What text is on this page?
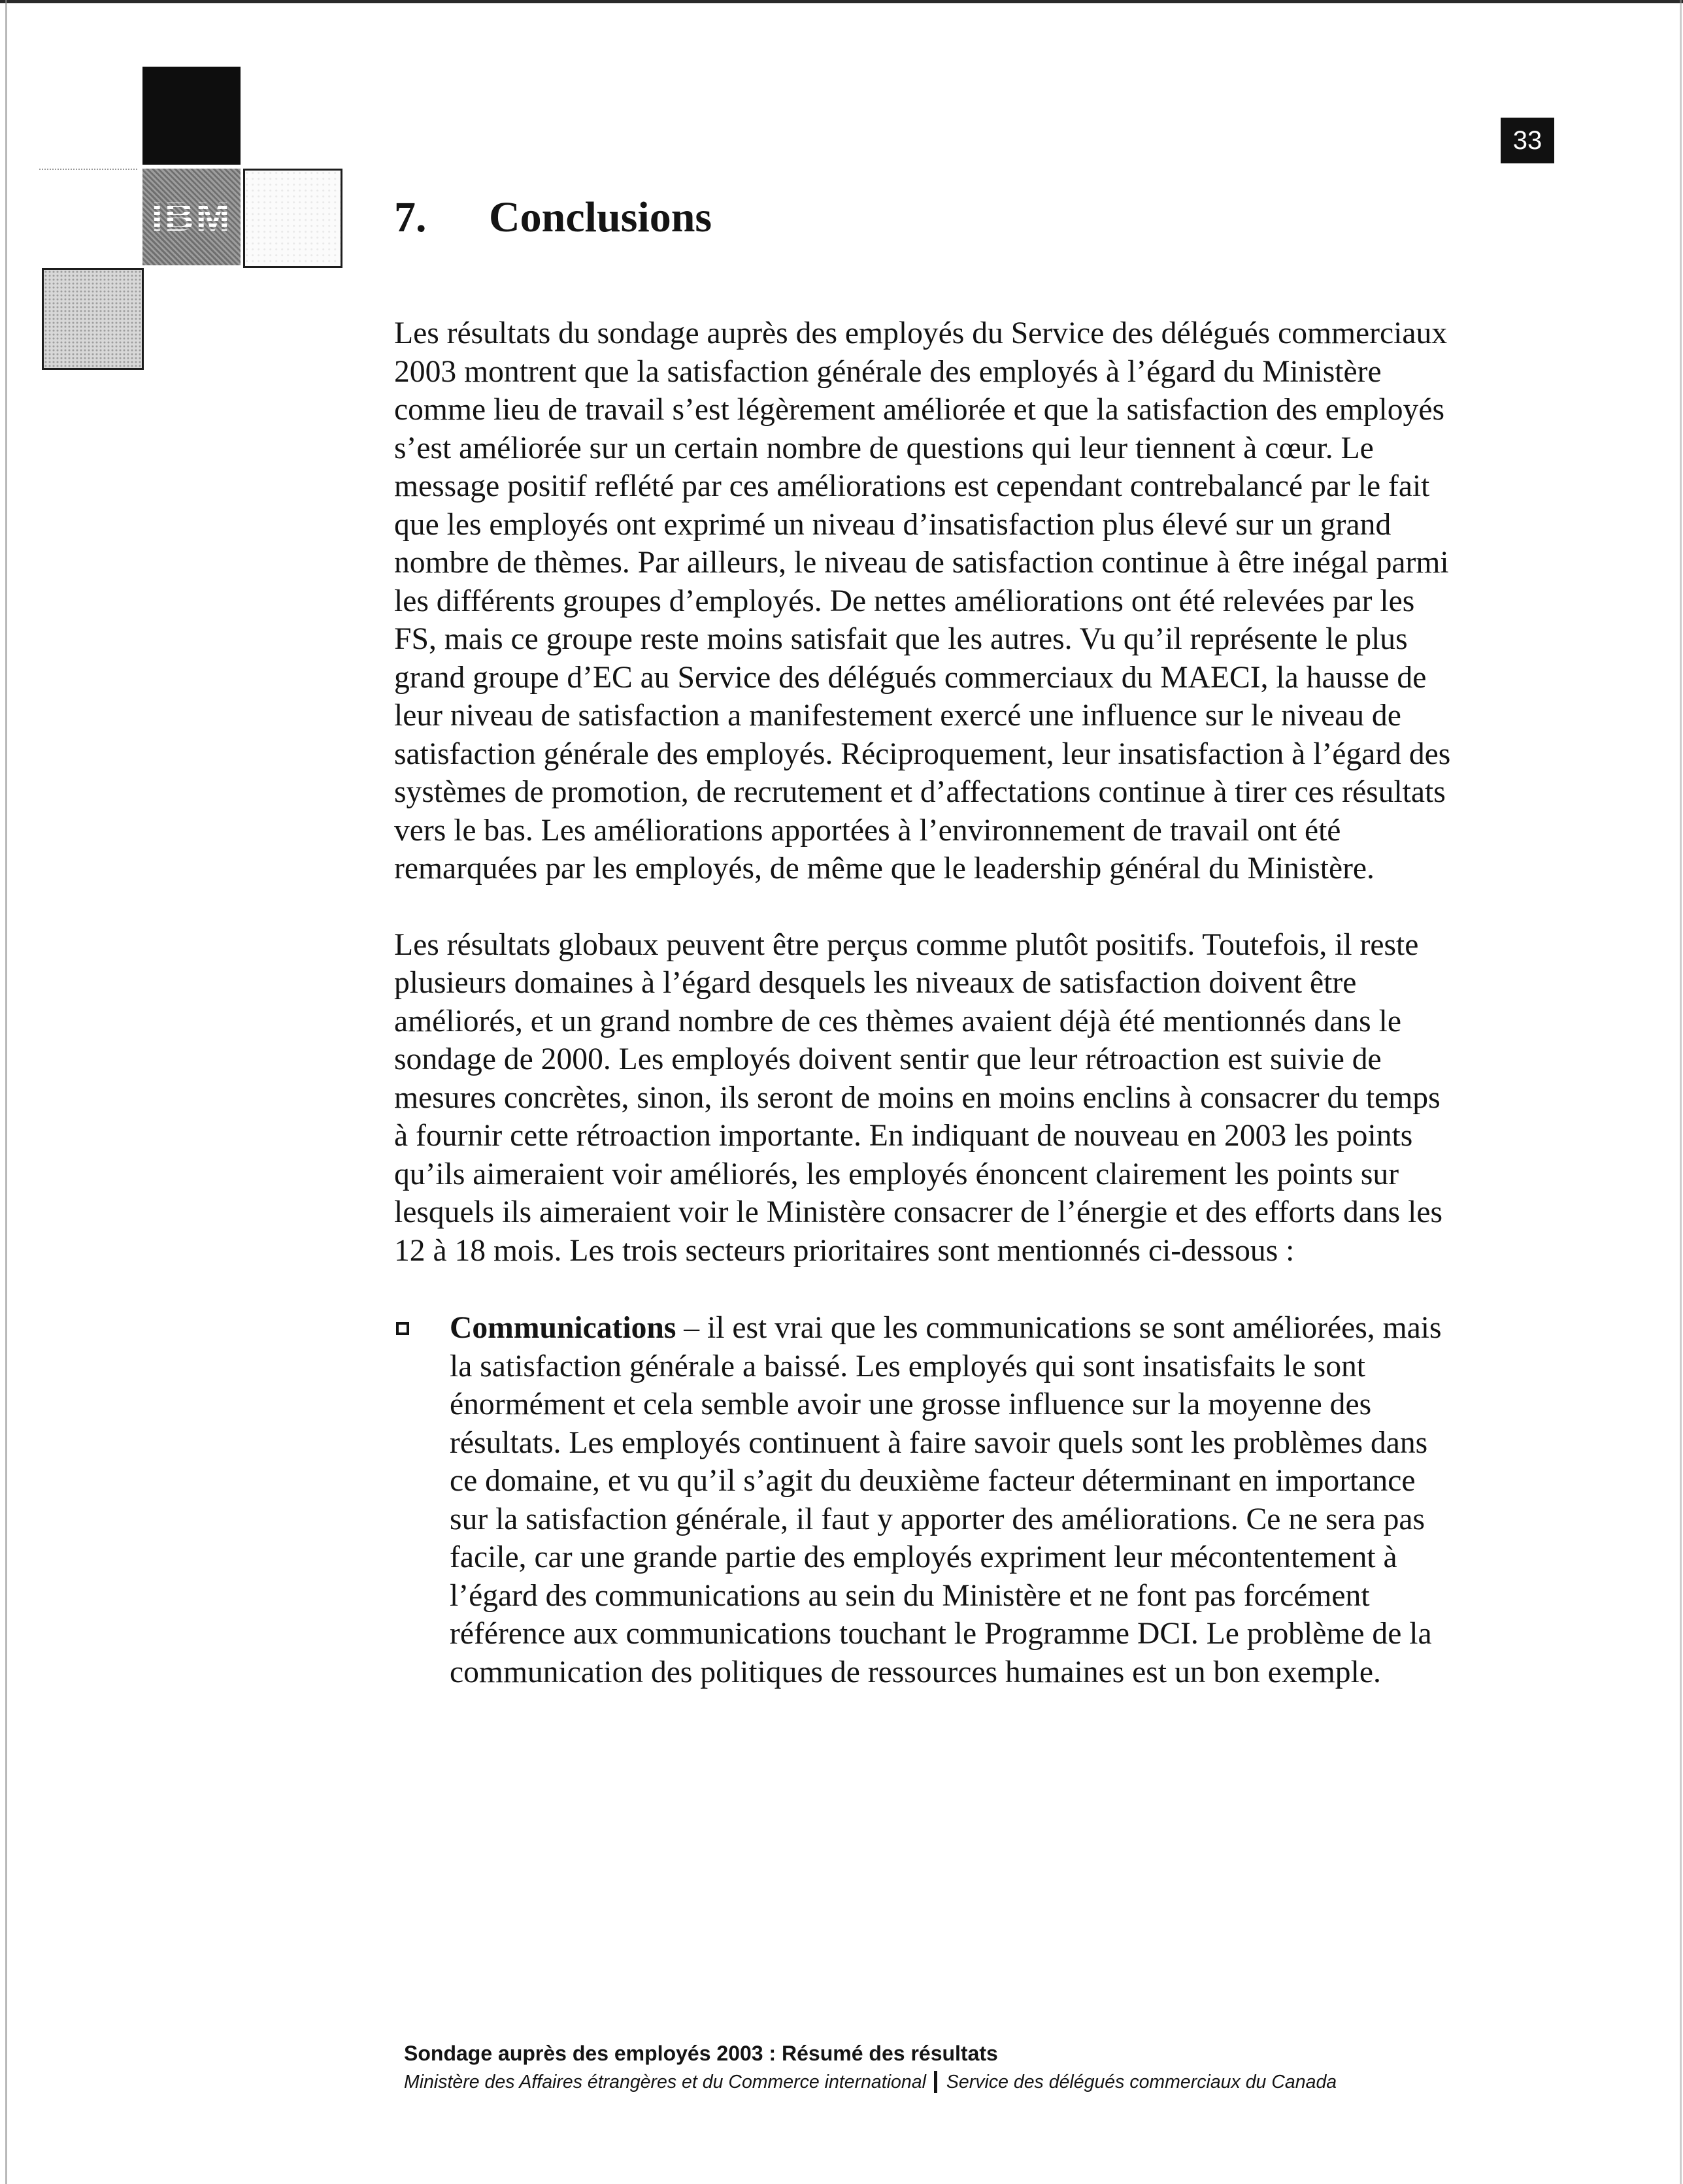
IBM
33
7.	Conclusions

Les résultats du sondage auprès des employés du Service des délégués commerciaux 2003 montrent que la satisfaction générale des employés à l’égard du Ministère comme lieu de travail s’est légèrement améliorée et que la satisfaction des employés s’est améliorée sur un certain nombre de questions qui leur tiennent à cœur. Le message positif reflété par ces améliorations est cependant contrebalancé par le fait que les employés ont exprimé un niveau d’insatisfaction plus élevé sur un grand nombre de thèmes. Par ailleurs, le niveau de satisfaction continue à être inégal parmi les différents groupes d’employés. De nettes améliorations ont été relevées par les FS, mais ce groupe reste moins satisfait que les autres. Vu qu’il représente le plus grand groupe d’EC au Service des délégués commerciaux du MAECI, la hausse de leur niveau de satisfaction a manifestement exercé une influence sur le niveau de satisfaction générale des employés. Réciproquement, leur insatisfaction à l’égard des systèmes de promotion, de recrutement et d’affectations continue à tirer ces résultats vers le bas. Les améliorations apportées à l’environnement de travail ont été remarquées par les employés, de même que le leadership général du Ministère.

Les résultats globaux peuvent être perçus comme plutôt positifs. Toutefois, il reste plusieurs domaines à l’égard desquels les niveaux de satisfaction doivent être améliorés, et un grand nombre de ces thèmes avaient déjà été mentionnés dans le sondage de 2000. Les employés doivent sentir que leur rétroaction est suivie de mesures concrètes, sinon, ils seront de moins en moins enclins à consacrer du temps à fournir cette rétroaction importante. En indiquant de nouveau en 2003 les points qu’ils aimeraient voir améliorés, les employés énoncent clairement les points sur lesquels ils aimeraient voir le Ministère consacrer de l’énergie et des efforts dans les 12 à 18 mois. Les trois secteurs prioritaires sont mentionnés ci-dessous :

Communications – il est vrai que les communications se sont améliorées, mais la satisfaction générale a baissé. Les employés qui sont insatisfaits le sont énormément et cela semble avoir une grosse influence sur la moyenne des résultats. Les employés continuent à faire savoir quels sont les problèmes dans ce domaine, et vu qu’il s’agit du deuxième facteur déterminant en importance sur la satisfaction générale, il faut y apporter des améliorations. Ce ne sera pas facile, car une grande partie des employés expriment leur mécontentement à l’égard des communications au sein du Ministère et ne font pas forcément référence aux communications touchant le Programme DCI. Le problème de la communication des politiques de ressources humaines est un bon exemple.

Sondage auprès des employés 2003 : Résumé des résultats

Ministère des Affaires étrangères et du Commerce international Service des délégués commerciaux du Canada
